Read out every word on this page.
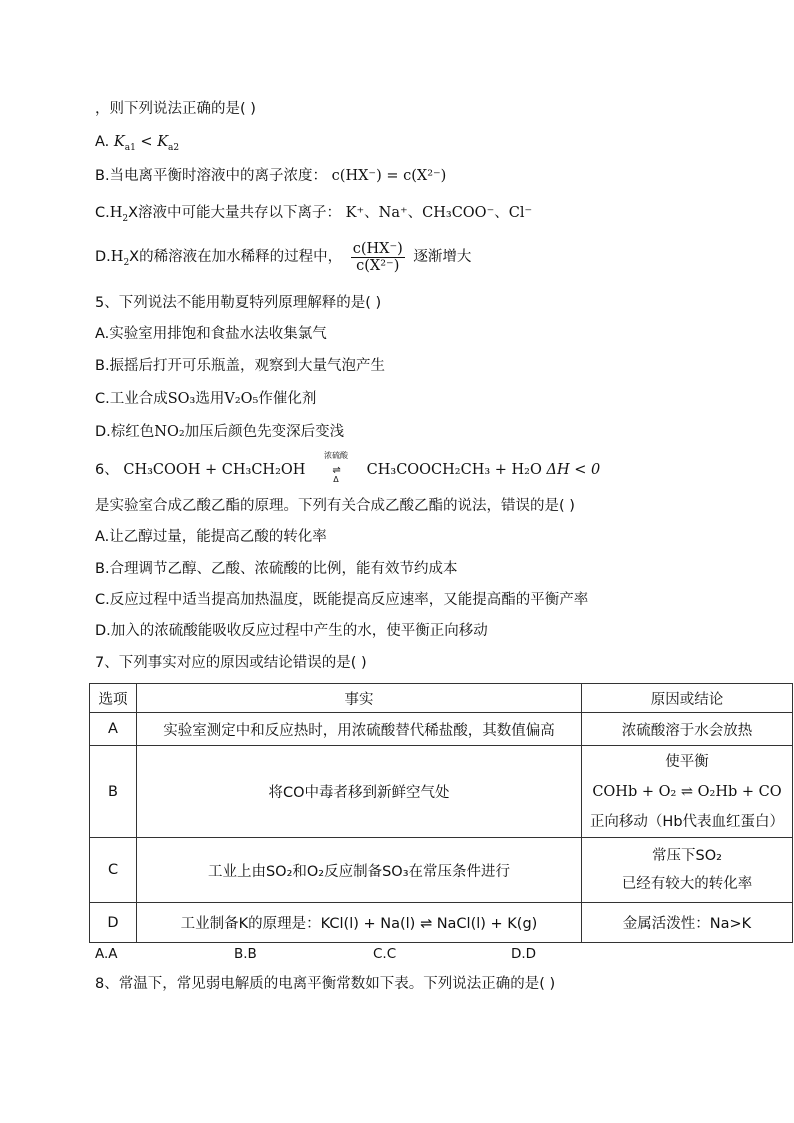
，则下列说法正确的是( )
A. $K_{a1} < K_{a2}$
B.当电离平衡时溶液中的离子浓度： c(HX⁻) = c(X²⁻)
$C.H_2X$溶液中可能大量共存以下离子： K⁺、Na⁺、CH₃COO⁻、Cl⁻
$D.H_2X$的稀溶液在加水稀释的过程中， $\frac{c(HX^-)}{\text{c(X²⁻)}}$ 逐渐增大
5、下列说法不能用勒夏特列原理解释的是( )
A.实验室用排饱和食盐水法收集氯气
B.振摇后打开可乐瓶盖，观察到大量气泡产生
C.工业合成SO₃选用V₂O₅作催化剂
D.棕红色NO₂加压后颜色先变深后变浅
6、 CH₃COOH + CH₃CH₂OH
浓硫酸
⇌
Δ
CH₃COOCH₂CH₃ + H₂O ΔH < 0
是实验室合成乙酸乙酯的原理。下列有关合成乙酸乙酯的说法，错误的是( )
A.让乙醇过量，能提高乙酸的转化率
B.合理调节乙醇、乙酸、浓硫酸的比例，能有效节约成本
C.反应过程中适当提高加热温度，既能提高反应速率，又能提高酯的平衡产率
D.加入的浓硫酸能吸收反应过程中产生的水，使平衡正向移动
7、下列事实对应的原因或结论错误的是( )
选项	事实	原因或结论
A	实验室测定中和反应热时，用浓硫酸替代稀盐酸，其数值偏高	浓硫酸溶于水会放热
B	将CO中毒者移到新鲜空气处	使平衡
COHb + O₂ ⇌ O₂Hb + CO
正向移动（Hb代表血红蛋白）

C	工业上由SO₂和O₂反应制备SO₃在常压条件进行	常压下SO₂
已经有较大的转化率

D	工业制备K的原理是：KCl(l) + Na(l) ⇌ NaCl(l) + K(g)	金属活泼性：Na>K
A.A	B.B	C.C	D.D
8、常温下，常见弱电解质的电离平衡常数如下表。下列说法正确的是( )
